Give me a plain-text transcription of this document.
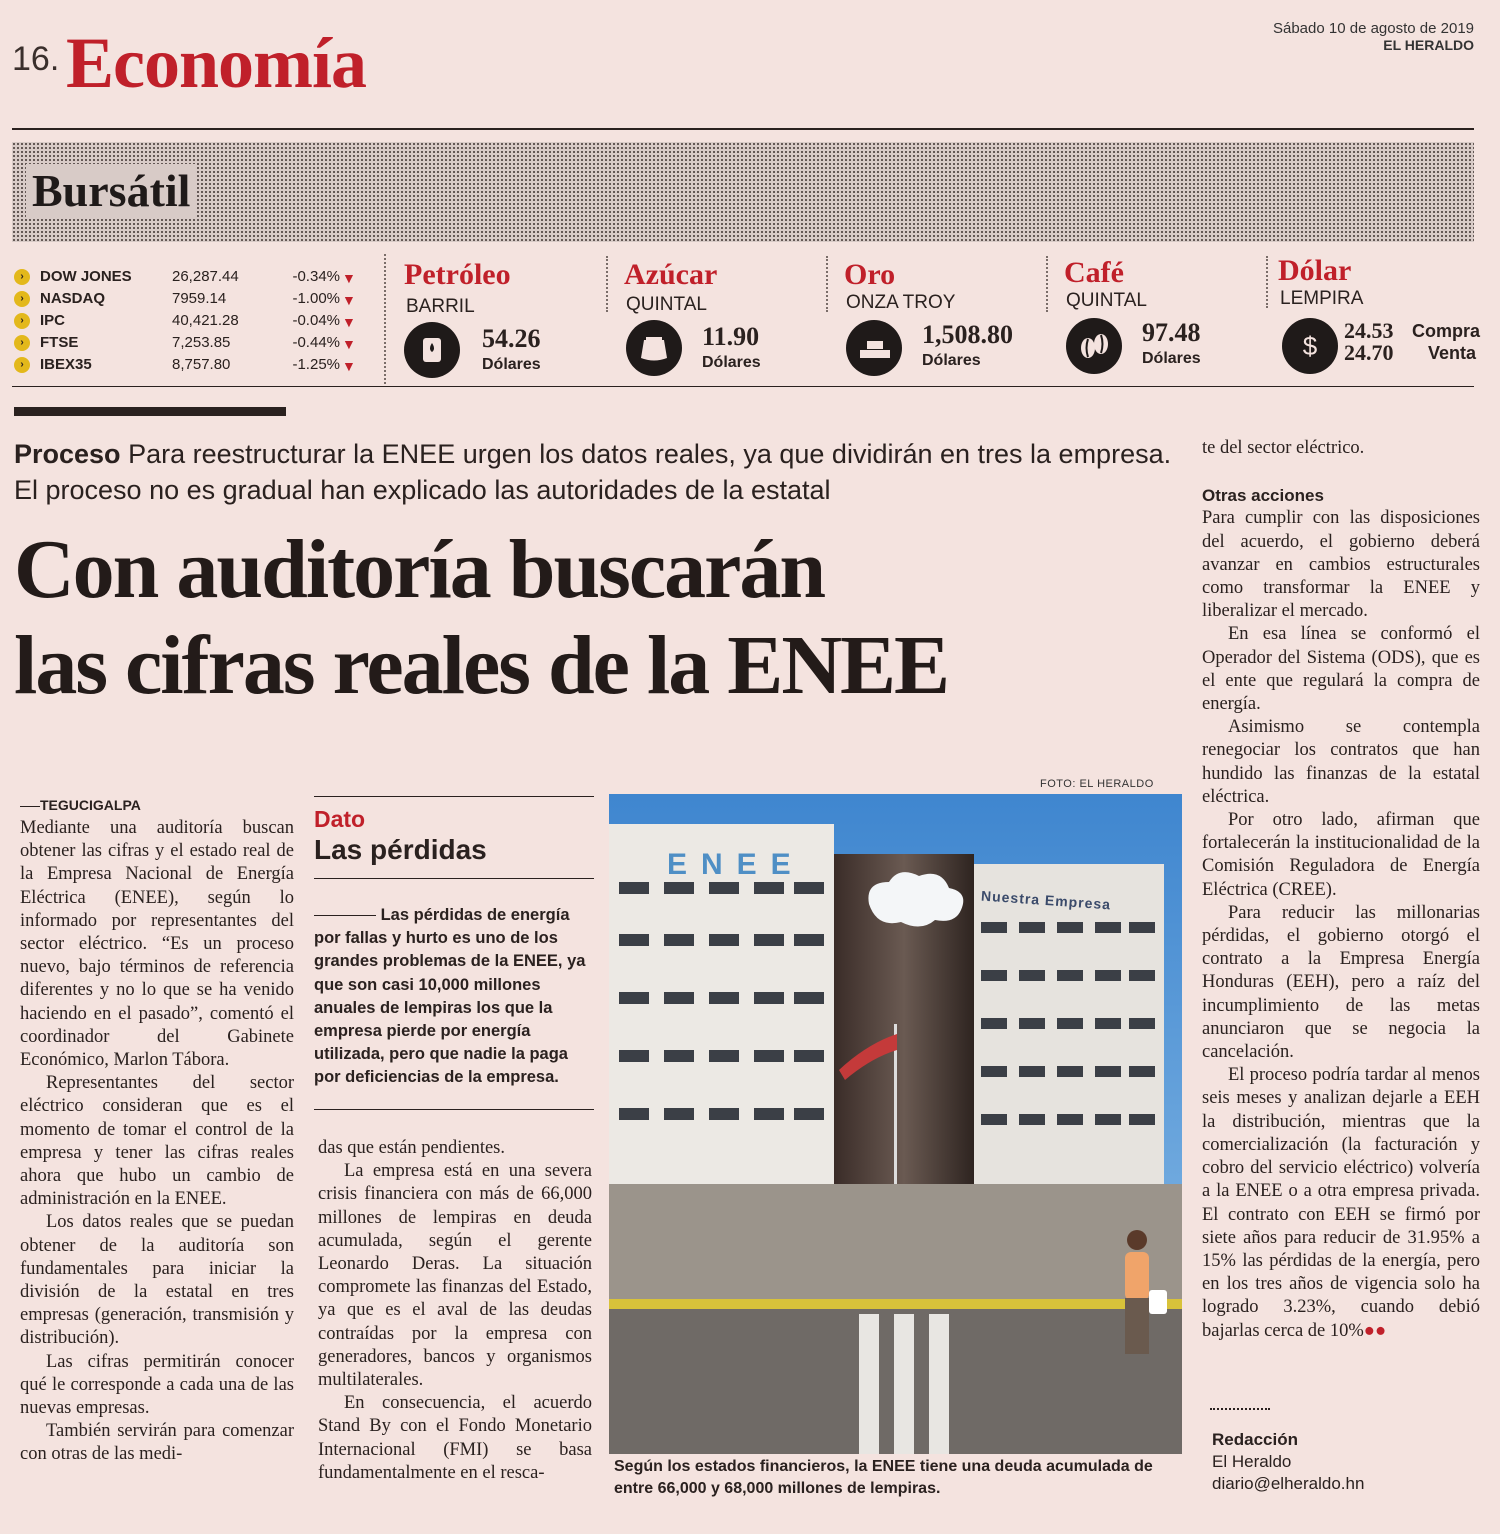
16. Economía	Sábado 10 de agosto de 2019
EL HERALDO
Bursátil
›	DOW JONES	26,287.44	-0.34% ▼
›	NASDAQ	7959.14	-1.00% ▼
›	IPC	40,421.28	-0.04% ▼
›	FTSE	7,253.85	-0.44% ▼
›	IBEX35	8,757.80	-1.25% ▼
Petróleo
BARRIL
54.26
Dólares
Azúcar
QUINTAL
11.90
Dólares
Oro
ONZA TROY
1,508.80
Dólares
Café
QUINTAL
97.48
Dólares
Dólar
LEMPIRA
$
24.53 Compra
24.70 Venta
Proceso Para reestructurar la ENEE urgen los datos reales, ya que dividirán en tres la empresa. El proceso no es gradual han explicado las autoridades de la estatal
Con auditoría buscarán
las cifras reales de la ENEE
TEGUCIGALPA

Mediante una auditoría buscan obtener las cifras y el estado real de la Empresa Nacional de Energía Eléctrica (ENEE), según lo informado por representantes del sector eléctrico. “Es un proceso nuevo, bajo términos de referencia diferentes y no lo que se ha venido haciendo en el pasado”, comentó el coordinador del Gabinete Económico, Marlon Tábora.

Representantes del sector eléctrico consideran que es el momento de tomar el control de la empresa y tener las cifras reales ahora que hubo un cambio de administración en la ENEE.

Los datos reales que se puedan obtener de la auditoría son fundamentales para iniciar la división de la estatal en tres empresas (generación, transmisión y distribución).

Las cifras permitirán conocer qué le corresponde a cada una de las nuevas empresas.

También servirán para comenzar con otras de las medi-

Dato
Las pérdidas
Las pérdidas de energía por fallas y hurto es uno de los grandes problemas de la ENEE, ya que son casi 10,000 millones anuales de lempiras los que la empresa pierde por energía utilizada, pero que nadie la paga por deficiencias de la empresa.

das que están pendientes.

La empresa está en una severa crisis financiera con más de 66,000 millones de lempiras en deuda acumulada, según el gerente Leonardo Deras. La situación compromete las finanzas del Estado, ya que es el aval de las deudas contraídas por la empresa con generadores, bancos y organismos multilaterales.

En consecuencia, el acuerdo Stand By con el Fondo Monetario Internacional (FMI) se basa fundamentalmente en el resca-

FOTO: EL HERALDO
ENEE
Nuestra Empresa
Según los estados financieros, la ENEE tiene una deuda acumulada de entre 66,000 y 68,000 millones de lempiras.

te del sector eléctrico.

Otras acciones

Para cumplir con las disposiciones del acuerdo, el gobierno deberá avanzar en cambios estructurales como transformar la ENEE y liberalizar el mercado.

En esa línea se conformó el Operador del Sistema (ODS), que es el ente que regulará la compra de energía.

Asimismo se contempla renegociar los contratos que han hundido las finanzas de la estatal eléctrica.

Por otro lado, afirman que fortalecerán la institucionalidad de la Comisión Reguladora de Energía Eléctrica (CREE).

Para reducir las millonarias pérdidas, el gobierno otorgó el contrato a la Empresa Energía Honduras (EEH), pero a raíz del incumplimiento de las metas anunciaron que se negocia la cancelación.

El proceso podría tardar al menos seis meses y analizan dejarle a EEH la distribución, mientras que la comercialización (la facturación y cobro del servicio eléctrico) volvería a la ENEE o a otra empresa privada. El contrato con EEH se firmó por siete años para reducir de 31.95% a 15% las pérdidas de la energía, pero en los tres años de vigencia solo ha logrado 3.23%, cuando debió bajarlas cerca de 10%●●

Redacción
El Heraldo
diario@elheraldo.hn
